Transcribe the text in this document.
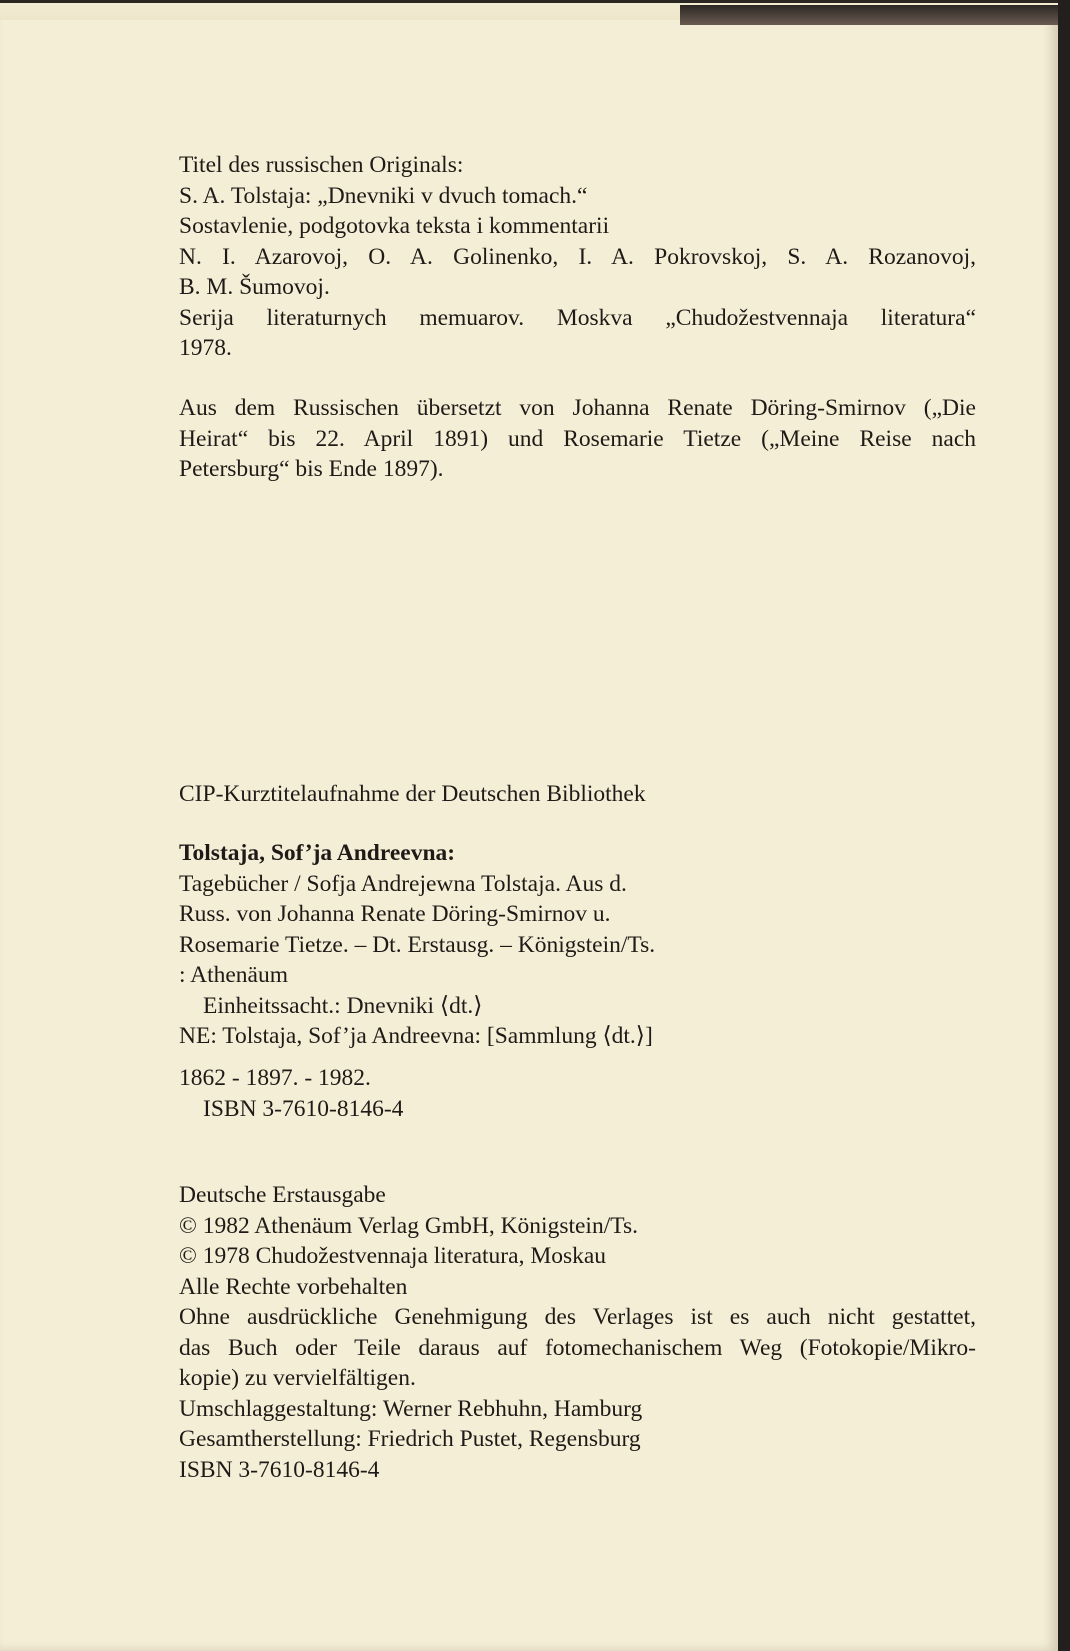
Titel des russischen Originals:
S. A. Tolstaja: „Dnevniki v dvuch tomach.“
Sostavlenie, podgotovka teksta i kommentarii
N. I. Azarovoj, O. A. Golinenko, I. A. Pokrovskoj, S. A. Rozanovoj,
B. M. Šumovoj.
Serija literaturnych memuarov. Moskva „Chudožestvennaja literatura“
1978.
Aus dem Russischen übersetzt von Johanna Renate Döring-Smirnov („Die
Heirat“ bis 22. April 1891) und Rosemarie Tietze („Meine Reise nach
Petersburg“ bis Ende 1897).
CIP-Kurztitelaufnahme der Deutschen Bibliothek
Tolstaja, Sof’ja Andreevna:
Tagebücher / Sofja Andrejewna Tolstaja. Aus d.
Russ. von Johanna Renate Döring-Smirnov u.
Rosemarie Tietze. – Dt. Erstausg. – Königstein/Ts.
: Athenäum
Einheitssacht.: Dnevniki ⟨dt.⟩
NE: Tolstaja, Sof’ja Andreevna: [Sammlung ⟨dt.⟩]
1862 - 1897. - 1982.
ISBN 3-7610-8146-4
Deutsche Erstausgabe
© 1982 Athenäum Verlag GmbH, Königstein/Ts.
© 1978 Chudožestvennaja literatura, Moskau
Alle Rechte vorbehalten
Ohne ausdrückliche Genehmigung des Verlages ist es auch nicht gestattet,
das Buch oder Teile daraus auf fotomechanischem Weg (Fotokopie/Mikro-
kopie) zu vervielfältigen.
Umschlaggestaltung: Werner Rebhuhn, Hamburg
Gesamtherstellung: Friedrich Pustet, Regensburg
ISBN 3-7610-8146-4
